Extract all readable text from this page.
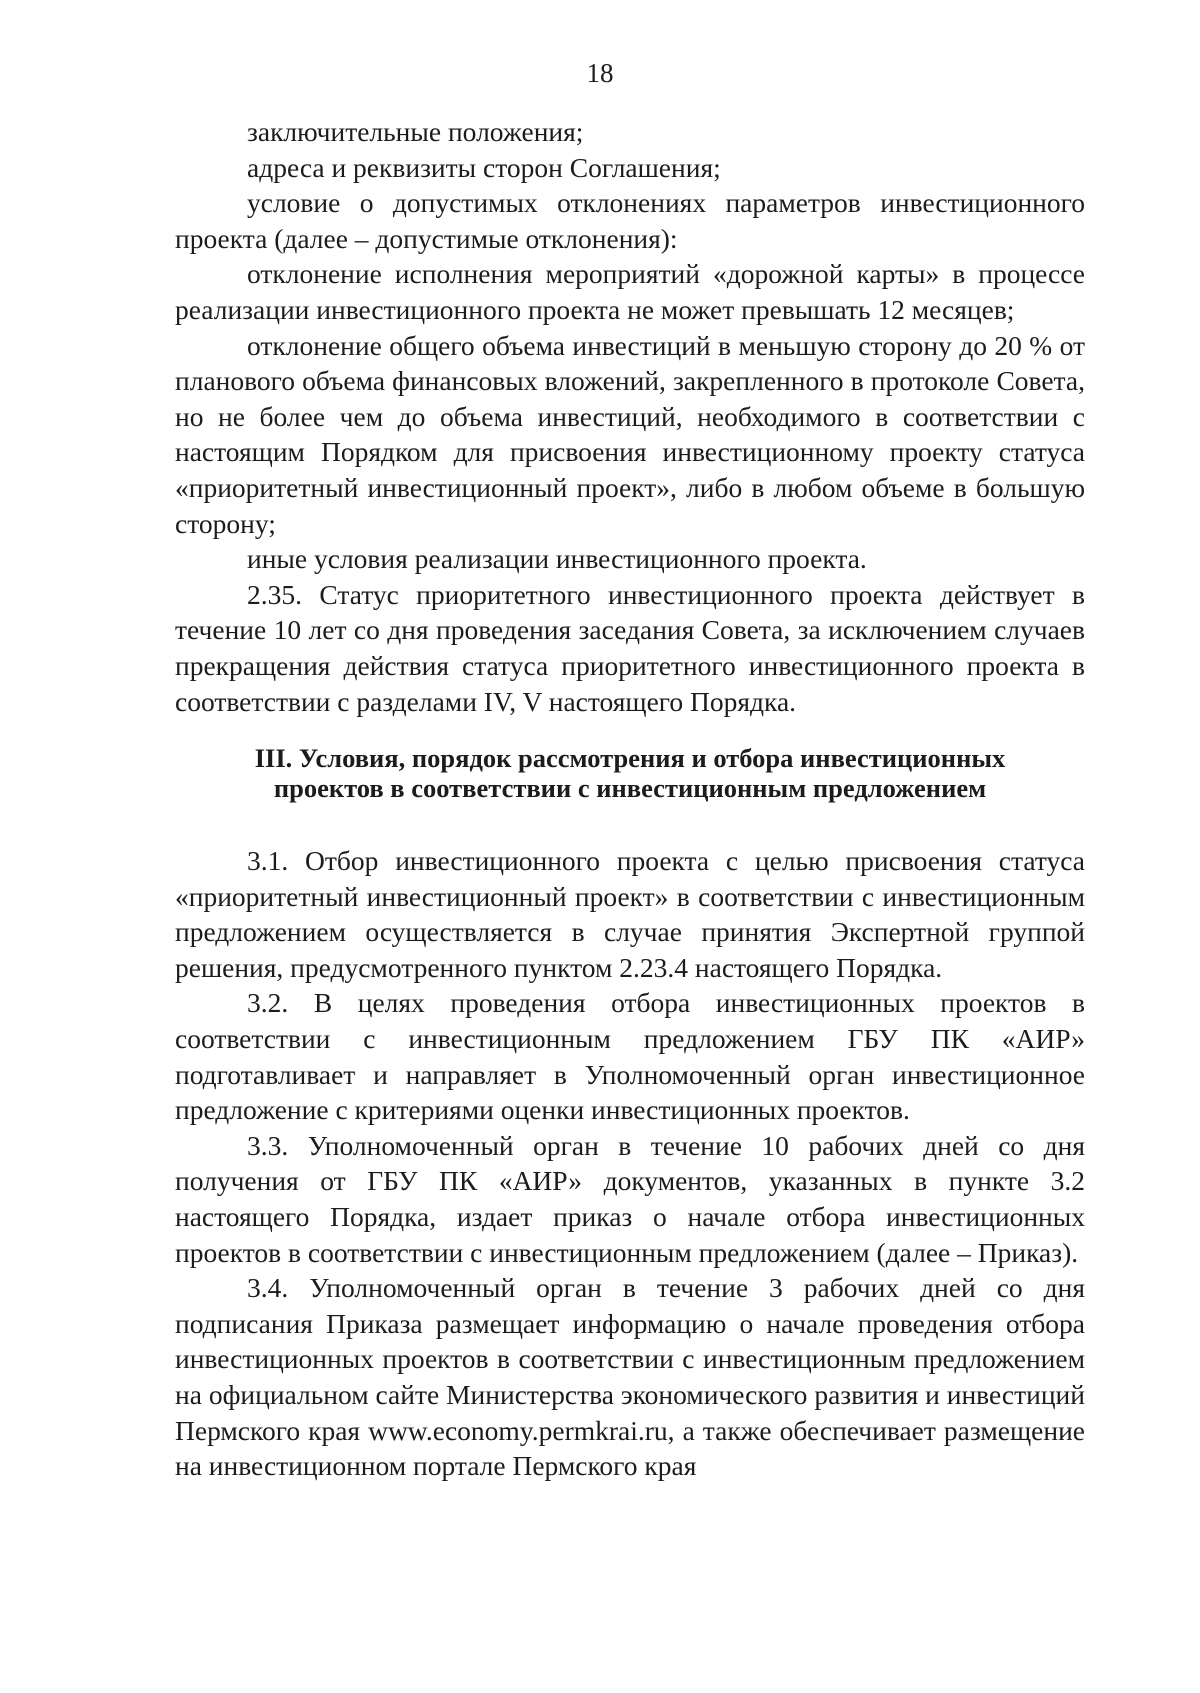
18

заключительные положения;

адреса и реквизиты сторон Соглашения;

условие о допустимых отклонениях параметров инвестиционного проекта (далее – допустимые отклонения):

отклонение исполнения мероприятий «дорожной карты» в процессе реализации инвестиционного проекта не может превышать 12 месяцев;

отклонение общего объема инвестиций в меньшую сторону до 20 % от планового объема финансовых вложений, закрепленного в протоколе Совета, но не более чем до объема инвестиций, необходимого в соответствии с настоящим Порядком для присвоения инвестиционному проекту статуса «приоритетный инвестиционный проект», либо в любом объеме в большую сторону;

иные условия реализации инвестиционного проекта.

2.35. Статус приоритетного инвестиционного проекта действует в течение 10 лет со дня проведения заседания Совета, за исключением случаев прекращения действия статуса приоритетного инвестиционного проекта в соответствии с разделами IV, V настоящего Порядка.

III. Условия, порядок рассмотрения и отбора инвестиционных
проектов в соответствии с инвестиционным предложением

3.1. Отбор инвестиционного проекта с целью присвоения статуса «приоритетный инвестиционный проект» в соответствии с инвестиционным предложением осуществляется в случае принятия Экспертной группой решения, предусмотренного пунктом 2.23.4 настоящего Порядка.

3.2. В целях проведения отбора инвестиционных проектов в соответствии с инвестиционным предложением ГБУ ПК «АИР» подготавливает и направляет в Уполномоченный орган инвестиционное предложение с критериями оценки инвестиционных проектов.

3.3. Уполномоченный орган в течение 10 рабочих дней со дня получения от ГБУ ПК «АИР» документов, указанных в пункте 3.2 настоящего Порядка, издает приказ о начале отбора инвестиционных проектов в соответствии с инвестиционным предложением (далее – Приказ).

3.4. Уполномоченный орган в течение 3 рабочих дней со дня подписания Приказа размещает информацию о начале проведения отбора инвестиционных проектов в соответствии с инвестиционным предложением на официальном сайте Министерства экономического развития и инвестиций Пермского края www.economy.permkrai.ru, а также обеспечивает размещение на инвестиционном портале Пермского края
